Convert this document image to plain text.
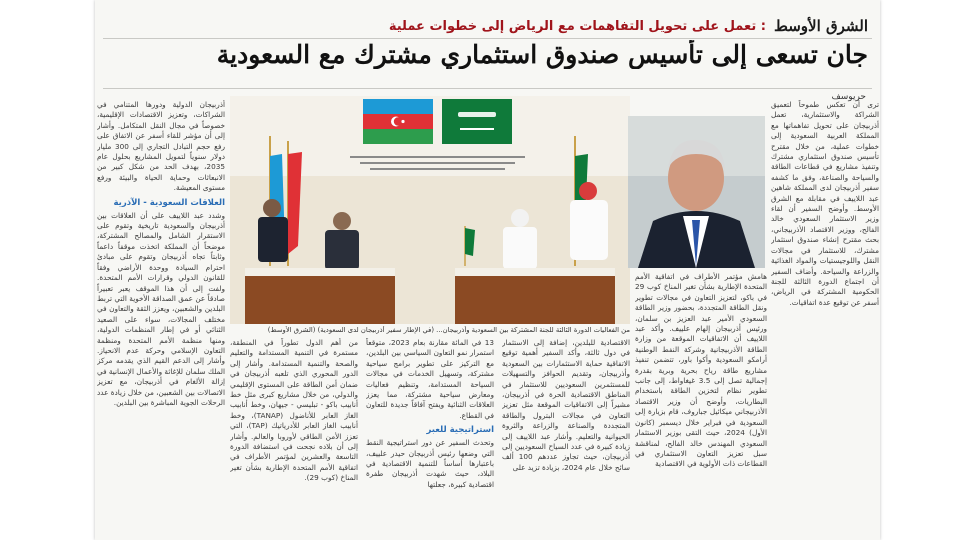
الشرق الأوسط
: تعمل على تحويل التفاهمات مع الرياض إلى خطوات عملية
جان تسعى إلى تأسيس صندوق استثماري مشترك مع السعودية
حريوسف

أذربيجان الدولية ودورها المتنامي في الشراكات، وتعزيز الاقتصادات الإقليمية، خصوصاً في مجال النقل المتكامل. وأشار إلى أن مؤشر للقاء أسفر عن الاتفاق على رفع حجم التبادل التجاري إلى 300 مليار دولار سنوياً لتمويل المشاريع بحلول عام 2035، بهدف الحد من شكل كبير من الانبعاثات وحماية الحياة والبيئة ورفع مستوى المعيشة.

العلاقات السعودية - الآذرية

وشدد عبد اللاييف على أن العلاقات بين أذربيجان والسعودية تاريخية وتقوم على الاستقرار الشامل والمصالح المشتركة، موضحاً أن المملكة اتخذت موقفاً داعماً وثابتاً تجاه أذربيجان وتقوم على مبادئ احترام السيادة ووحدة الأراضي وفقاً للقانون الدولي وقرارات الأمم المتحدة. ولفت إلى أن هذا الموقف يعبر تعبيراً صادقاً عن عمق الصداقة الأخوية التي تربط البلدين والشعبين، ويعزز الثقة والتعاون في مختلف المجالات، سواء على الصعيد الثنائي أو في إطار المنظمات الدولية، ومنها منظمة الأمم المتحدة ومنظمة التعاون الإسلامي وحركة عدم الانحياز. وأشار إلى الدعم القيم الذي يقدمه مركز الملك سلمان للإغاثة والأعمال الإنسانية في إزالة الألغام في أذربيجان، مع تعزيز الاتصالات بين الشعبين، من خلال زيادة عدد الرحلات الجوية المباشرة بين البلدين.

من الفعاليات الدورة الثالثة للجنة المشتركة بين السعودية وأذربيجان... (في الإطار سفير أذربيجان لدى السعودية) (الشرق الأوسط)

من أهم الدول تطوراً في المنطقة، مستمرة في التنمية المستدامة والتعليم والصحة والتنمية المستدامة. وأشار إلى الدور المحوري الذي تلعبه أذربيجان في ضمان أمن الطاقة على المستوى الإقليمي والدولي، من خلال مشاريع كبرى مثل خط أنابيب باكو - تبليسي - جيهان، وخط أنابيب الغاز العابر للأناضول (TANAP)، وخط أنابيب الغاز العابر للأدرياتيك (TAP)، التي تعزز الأمن الطاقي لأوروبا والعالم. وأشار إلى أن بلاده نجحت في استضافة الدورة التاسعة والعشرين لمؤتمر الأطراف في اتفاقية الأمم المتحدة الإطارية بشأن تغير المناخ (كوب 29).

13 في المائة مقارنة بعام 2023، متوقعاً استمرار نمو التعاون السياسي بين البلدين، مع التركيز على تطوير برامج سياحية مشتركة، وتسهيل الخدمات في مجالات السياحة المستدامة، وتنظيم فعاليات ومعارض سياحية مشتركة، مما يعزز العلاقات الثنائية ويفتح آفاقاً جديدة للتعاون في القطاع.

استراتيجية للعبر

وتحدث السفير عن دور استراتيجية النقط التي وضعها رئيس أذربيجان حيدر علييف، باعتبارها أساساً للتنمية الاقتصادية في البلاد، حيث شهدت أذربيجان طفرة اقتصادية كبيرة، جعلتها

الاقتصادية للبلدين، إضافة إلى الاستثمار في دول ثالثة، وأكد السفير أهمية توقيع الاتفاقية حماية الاستثمارات بين السعودية وأذربيجان، وتقديم الحوافز والتسهيلات للمستثمرين السعوديين للاستثمار في المناطق الاقتصادية الحرة في أذربيجان، مشيراً إلى الاتفاقيات الموقعة مثل تعزيز التعاون في مجالات البترول والطاقة المتجددة والصناعة والزراعة والثروة الحيوانية والتعليم. وأشار عبد اللاييف إلى زيادة كبيرة في عدد السياح السعوديين إلى أذربيجان، حيث تجاوز عددهم 100 ألف سائح خلال عام 2024، بزيادة تزيد على

هامش مؤتمر الأطراف في اتفاقية الأمم المتحدة الإطارية بشأن تغير المناخ كوب 29 في باكو، لتعزيز التعاون في مجالات تطوير ونقل الطاقة المتجددة، بحضور وزير الطاقة السعودي الأمير عبد العزيز بن سلمان، ورئيس أذربيجان إلهام علييف. وأكد عبد اللاييف أن الاتفاقيات الموقعة من وزارة الطاقة الأذربيجانية وشركة النفط الوطنية أرامكو السعودية وأكوا باور، تتضمن تنفيذ مشاريع طاقة رياح بحرية وبرية بقدرة إجمالية تصل إلى 3.5 غيغاواط، إلى جانب تطوير نظام لتخزين الطاقة باستخدام البطاريات، وأوضح أن وزير الاقتصاد الأذربيجاني ميكائيل جباروف، قام بزيارة إلى السعودية في فبراير خلال ديسمبر (كانون الأول) 2024، حيث التقى بوزير الاستثمار السعودي المهندس خالد الفالح، لمناقشة سبل تعزيز التعاون الاستثماري في القطاعات ذات الأولوية في الاقتصادية

ترى أن تعكس طموحاً لتعميق الشراكة والاستثمارية، تعمل أذربيجان على تحويل تفاهماتها مع المملكة العربية السعودية إلى خطوات عملية، من خلال مقترح تأسيس صندوق استثماري مشترك وتنفيذ مشاريع في قطاعات الطاقة والسياحة والصناعة، وفق ما كشفه سفير أذربيجان لدى المملكة شاهين عبد اللاييف في مقابلة مع الشرق الأوسط. وأوضح السفير أن لقاء وزير الاستثمار السعودي خالد الفالح، ووزير الاقتصاد الأذربيجاني، بحث مقترح إنشاء صندوق استثمار مشترك، للاستثمار في مجالات النقل واللوجيستيات والمواد الغذائية والزراعة والسياحة. وأضاف السفير أن اجتماع الدورة الثالثة للجنة الحكومية المشتركة في الرياض، أسفر عن توقيع عدة اتفاقيات.
